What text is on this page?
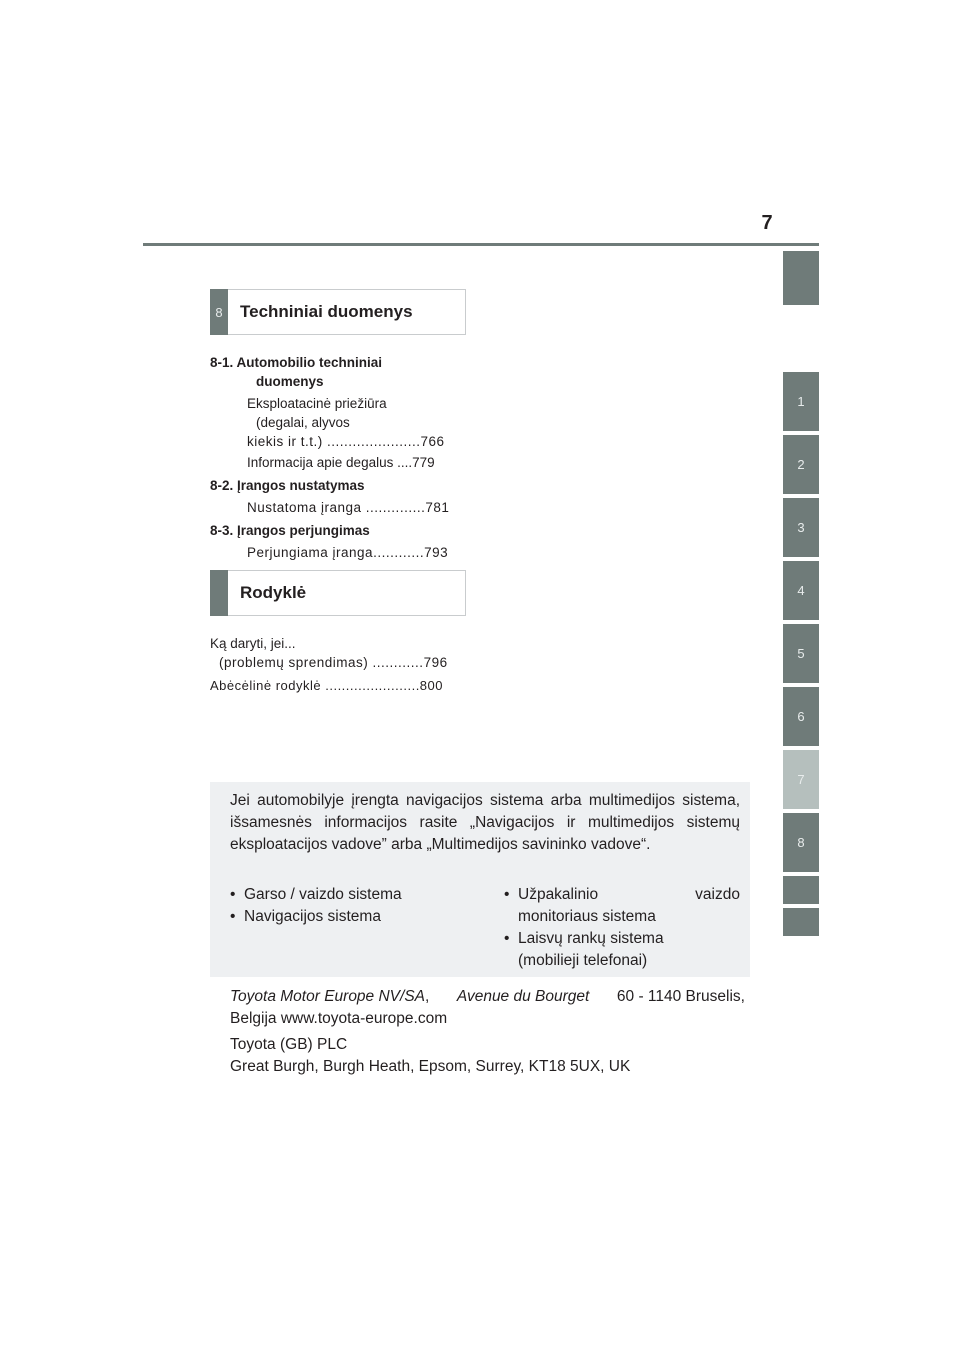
7
1
2
3
4
5
6
7
8
8	Techniniai duomenys
8-1. Automobilio techniniai
duomenys
Eksploatacinė priežiūra
(degalai, alyvos
kiekis ir t.t.) ......................766
Informacija apie degalus ....779
8-2. Įrangos nustatymas
Nustatoma įranga ..............781
8-3. Įrangos perjungimas
Perjungiama įranga............793
Rodyklė
Ką daryti, jei...
(problemų sprendimas) ............796
Abėcėlinė rodyklė .......................800
Jei automobilyje įrengta navigacijos sistema arba multimedijos sistema, išsamesnės informacijos rasite „Navigacijos ir multimedijos sistemų eksploatacijos vadove” arba „Multimedijos savininko vadove“.
• Garso / vaizdo sistema
• Navigacijos sistema
• Užpakalinio vaizdo
monitoriaus sistema
• Laisvų rankų sistema
(mobilieji telefonai)
Toyota Motor Europe NV/SA, Avenue du Bourget 60 - 1140 Bruselis,
Belgija www.toyota-europe.com
Toyota (GB) PLC
Great Burgh, Burgh Heath, Epsom, Surrey, KT18 5UX, UK
